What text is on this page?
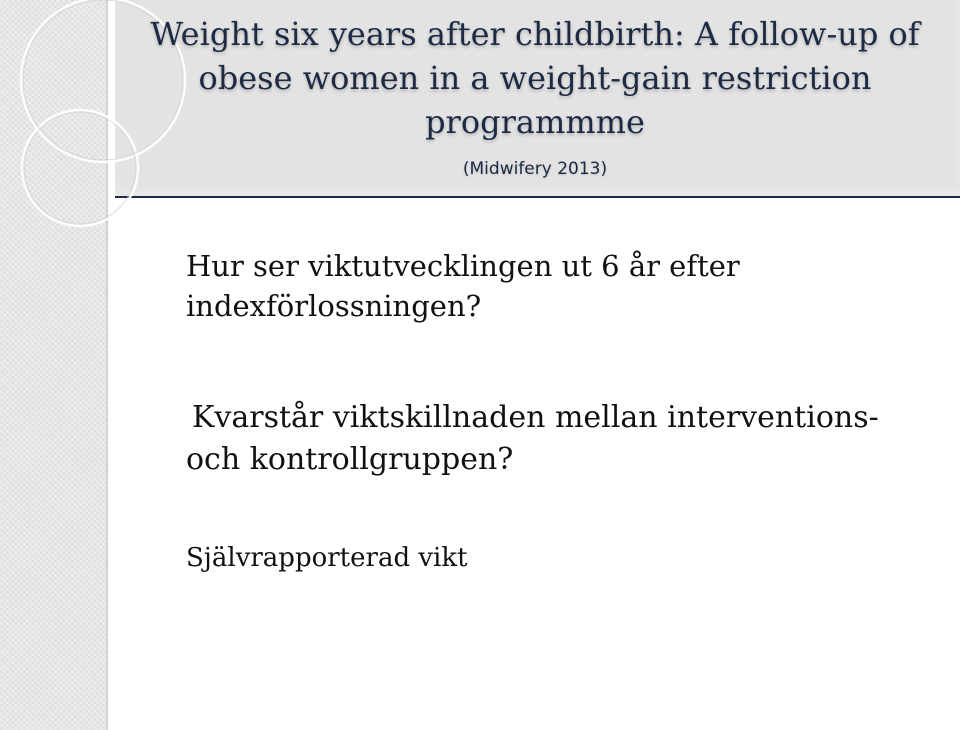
Weight six years after childbirth: A follow-up of obese women in a weight-gain restriction programmme
(Midwifery 2013)

Hur ser viktutvecklingen ut 6 år efter indexförlossningen?

Kvarstår viktskillnaden mellan interventions- och kontrollgruppen?

Självrapporterad vikt
